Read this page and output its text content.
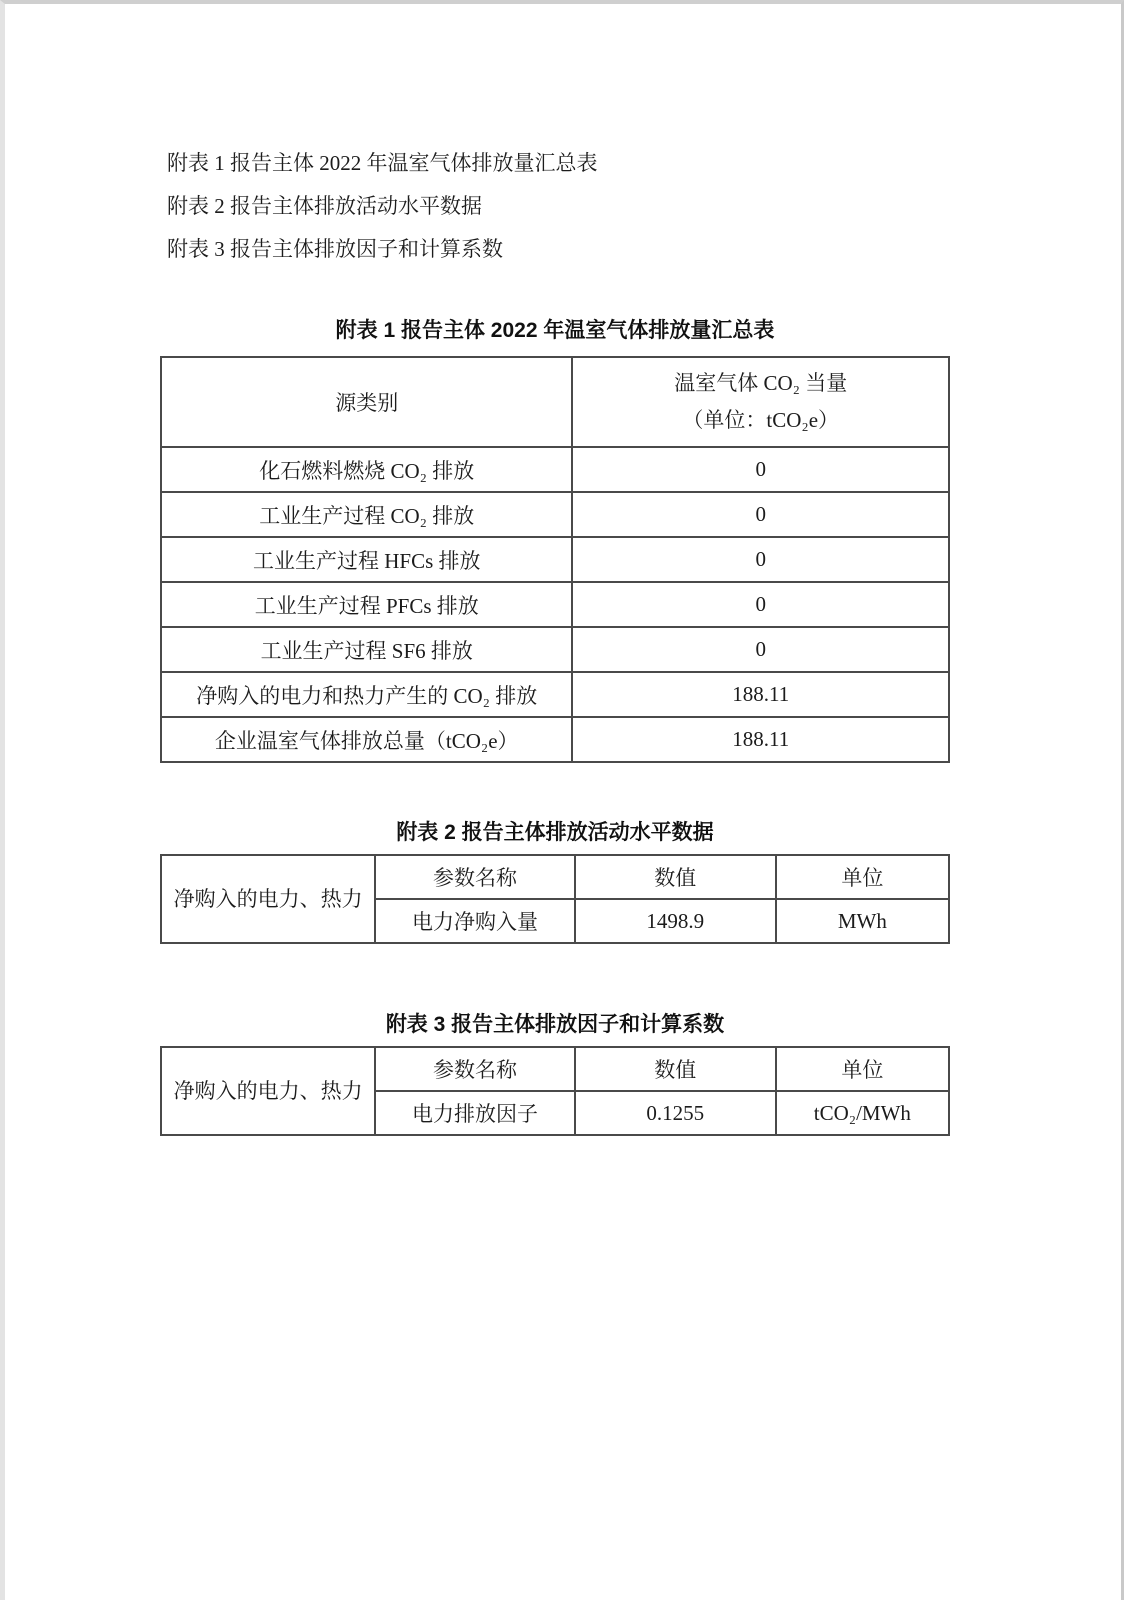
附表 1 报告主体 2022 年温室气体排放量汇总表
附表 2 报告主体排放活动水平数据
附表 3 报告主体排放因子和计算系数
附表 1 报告主体 2022 年温室气体排放量汇总表
源类别	温室气体 CO₂ 当量
（单位：tCO₂e）

化石燃料燃烧 CO₂ 排放	0
工业生产过程 CO₂ 排放	0
工业生产过程 HFCs 排放	0
工业生产过程 PFCs 排放	0
工业生产过程 SF6 排放	0
净购入的电力和热力产生的 CO₂ 排放	188.11
企业温室气体排放总量（tCO₂e）	188.11
附表 2 报告主体排放活动水平数据
净购入的电力、热力	参数名称	数值	单位
	电力净购入量	1498.9	MWh
附表 3 报告主体排放因子和计算系数
净购入的电力、热力	参数名称	数值	单位
	电力排放因子	0.1255	tCO₂/MWh
